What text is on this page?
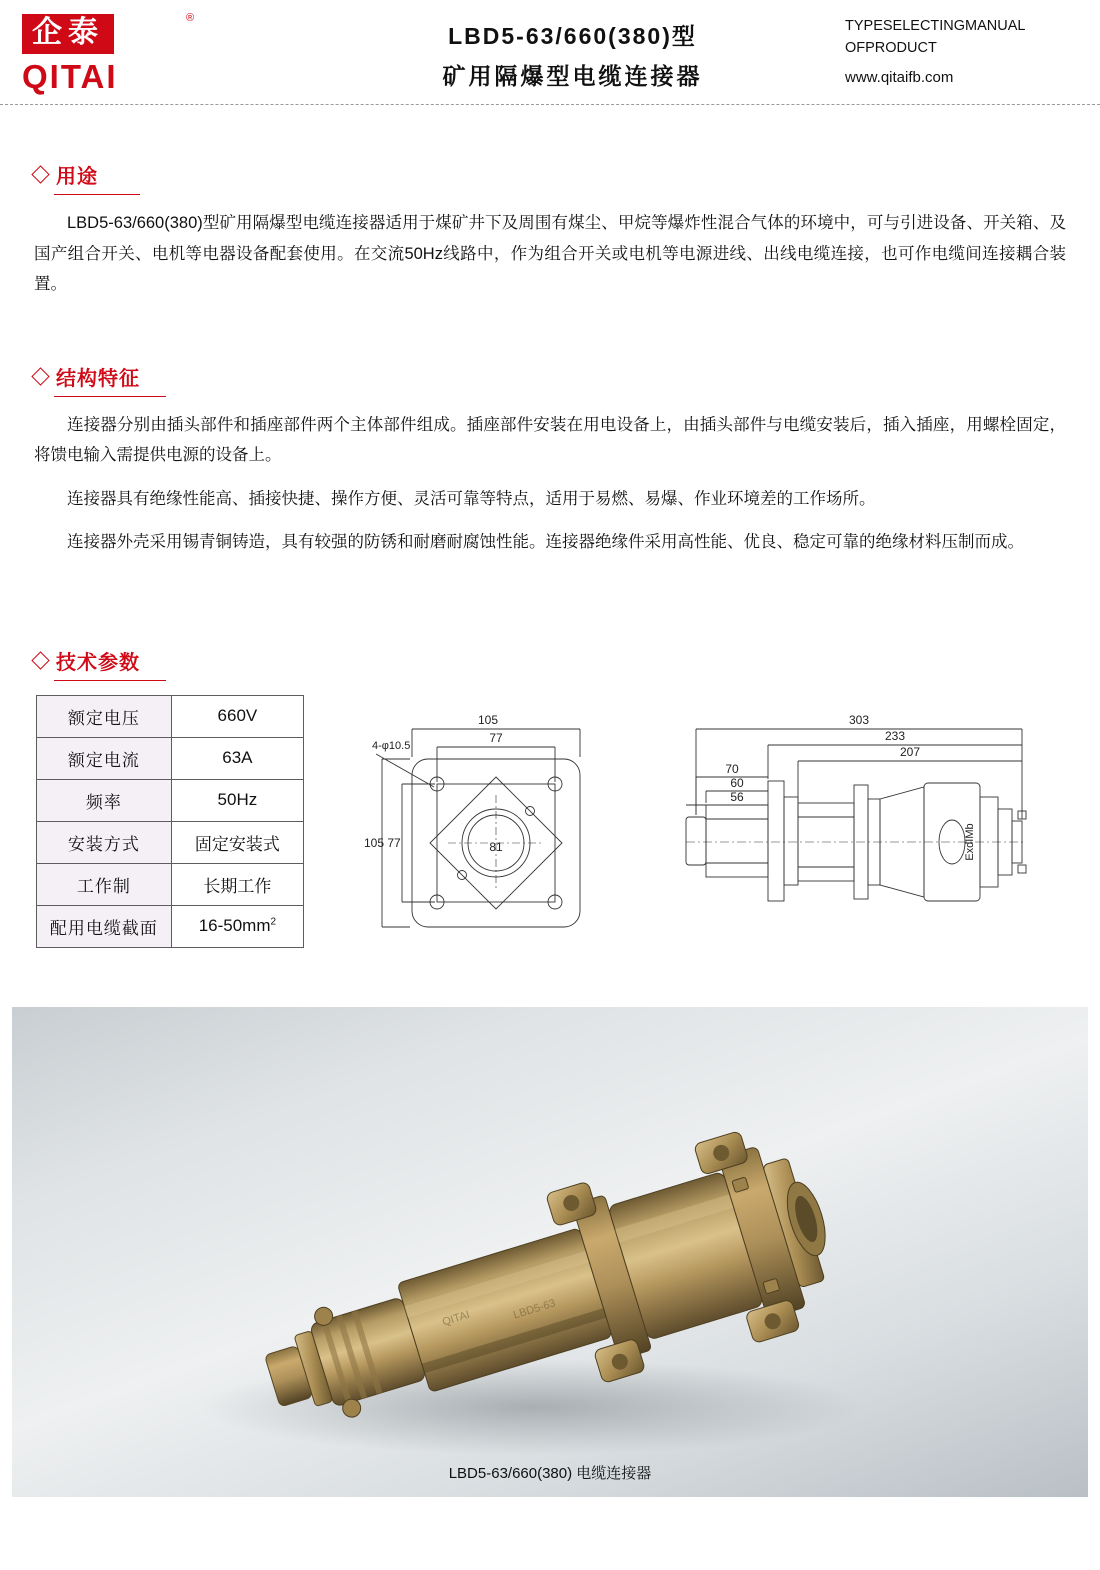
企泰	®
QITAI
LBD5-63/660(380)型
矿用隔爆型电缆连接器
TYPESELECTINGMANUAL
OFPRODUCT
www.qitaifb.com
用途

LBD5-63/660(380)型矿用隔爆型电缆连接器适用于煤矿井下及周围有煤尘、甲烷等爆炸性混合气体的环境中，可与引进设备、开关箱、及国产组合开关、电机等电器设备配套使用。在交流50Hz线路中，作为组合开关或电机等电源进线、出线电缆连接，也可作电缆间连接耦合装置。

结构特征

连接器分别由插头部件和插座部件两个主体部件组成。插座部件安装在用电设备上，由插头部件与电缆安装后，插入插座，用螺栓固定，将馈电输入需提供电源的设备上。

连接器具有绝缘性能高、插接快捷、操作方便、灵活可靠等特点，适用于易燃、易爆、作业环境差的工作场所。

连接器外壳采用锡青铜铸造，具有较强的防锈和耐磨耐腐蚀性能。连接器绝缘件采用高性能、优良、稳定可靠的绝缘材料压制而成。

技术参数
额定电压	660V
额定电流	63A
频率	50Hz
安装方式	固定安装式
工作制	长期工作
配用电缆截面	$16-50mm^2$
105
77
105 77	81
4-φ10.5
303
233
207
70
60
56
ExdIMb
QITAI	LBD5-63
LBD5-63/660(380) 电缆连接器
